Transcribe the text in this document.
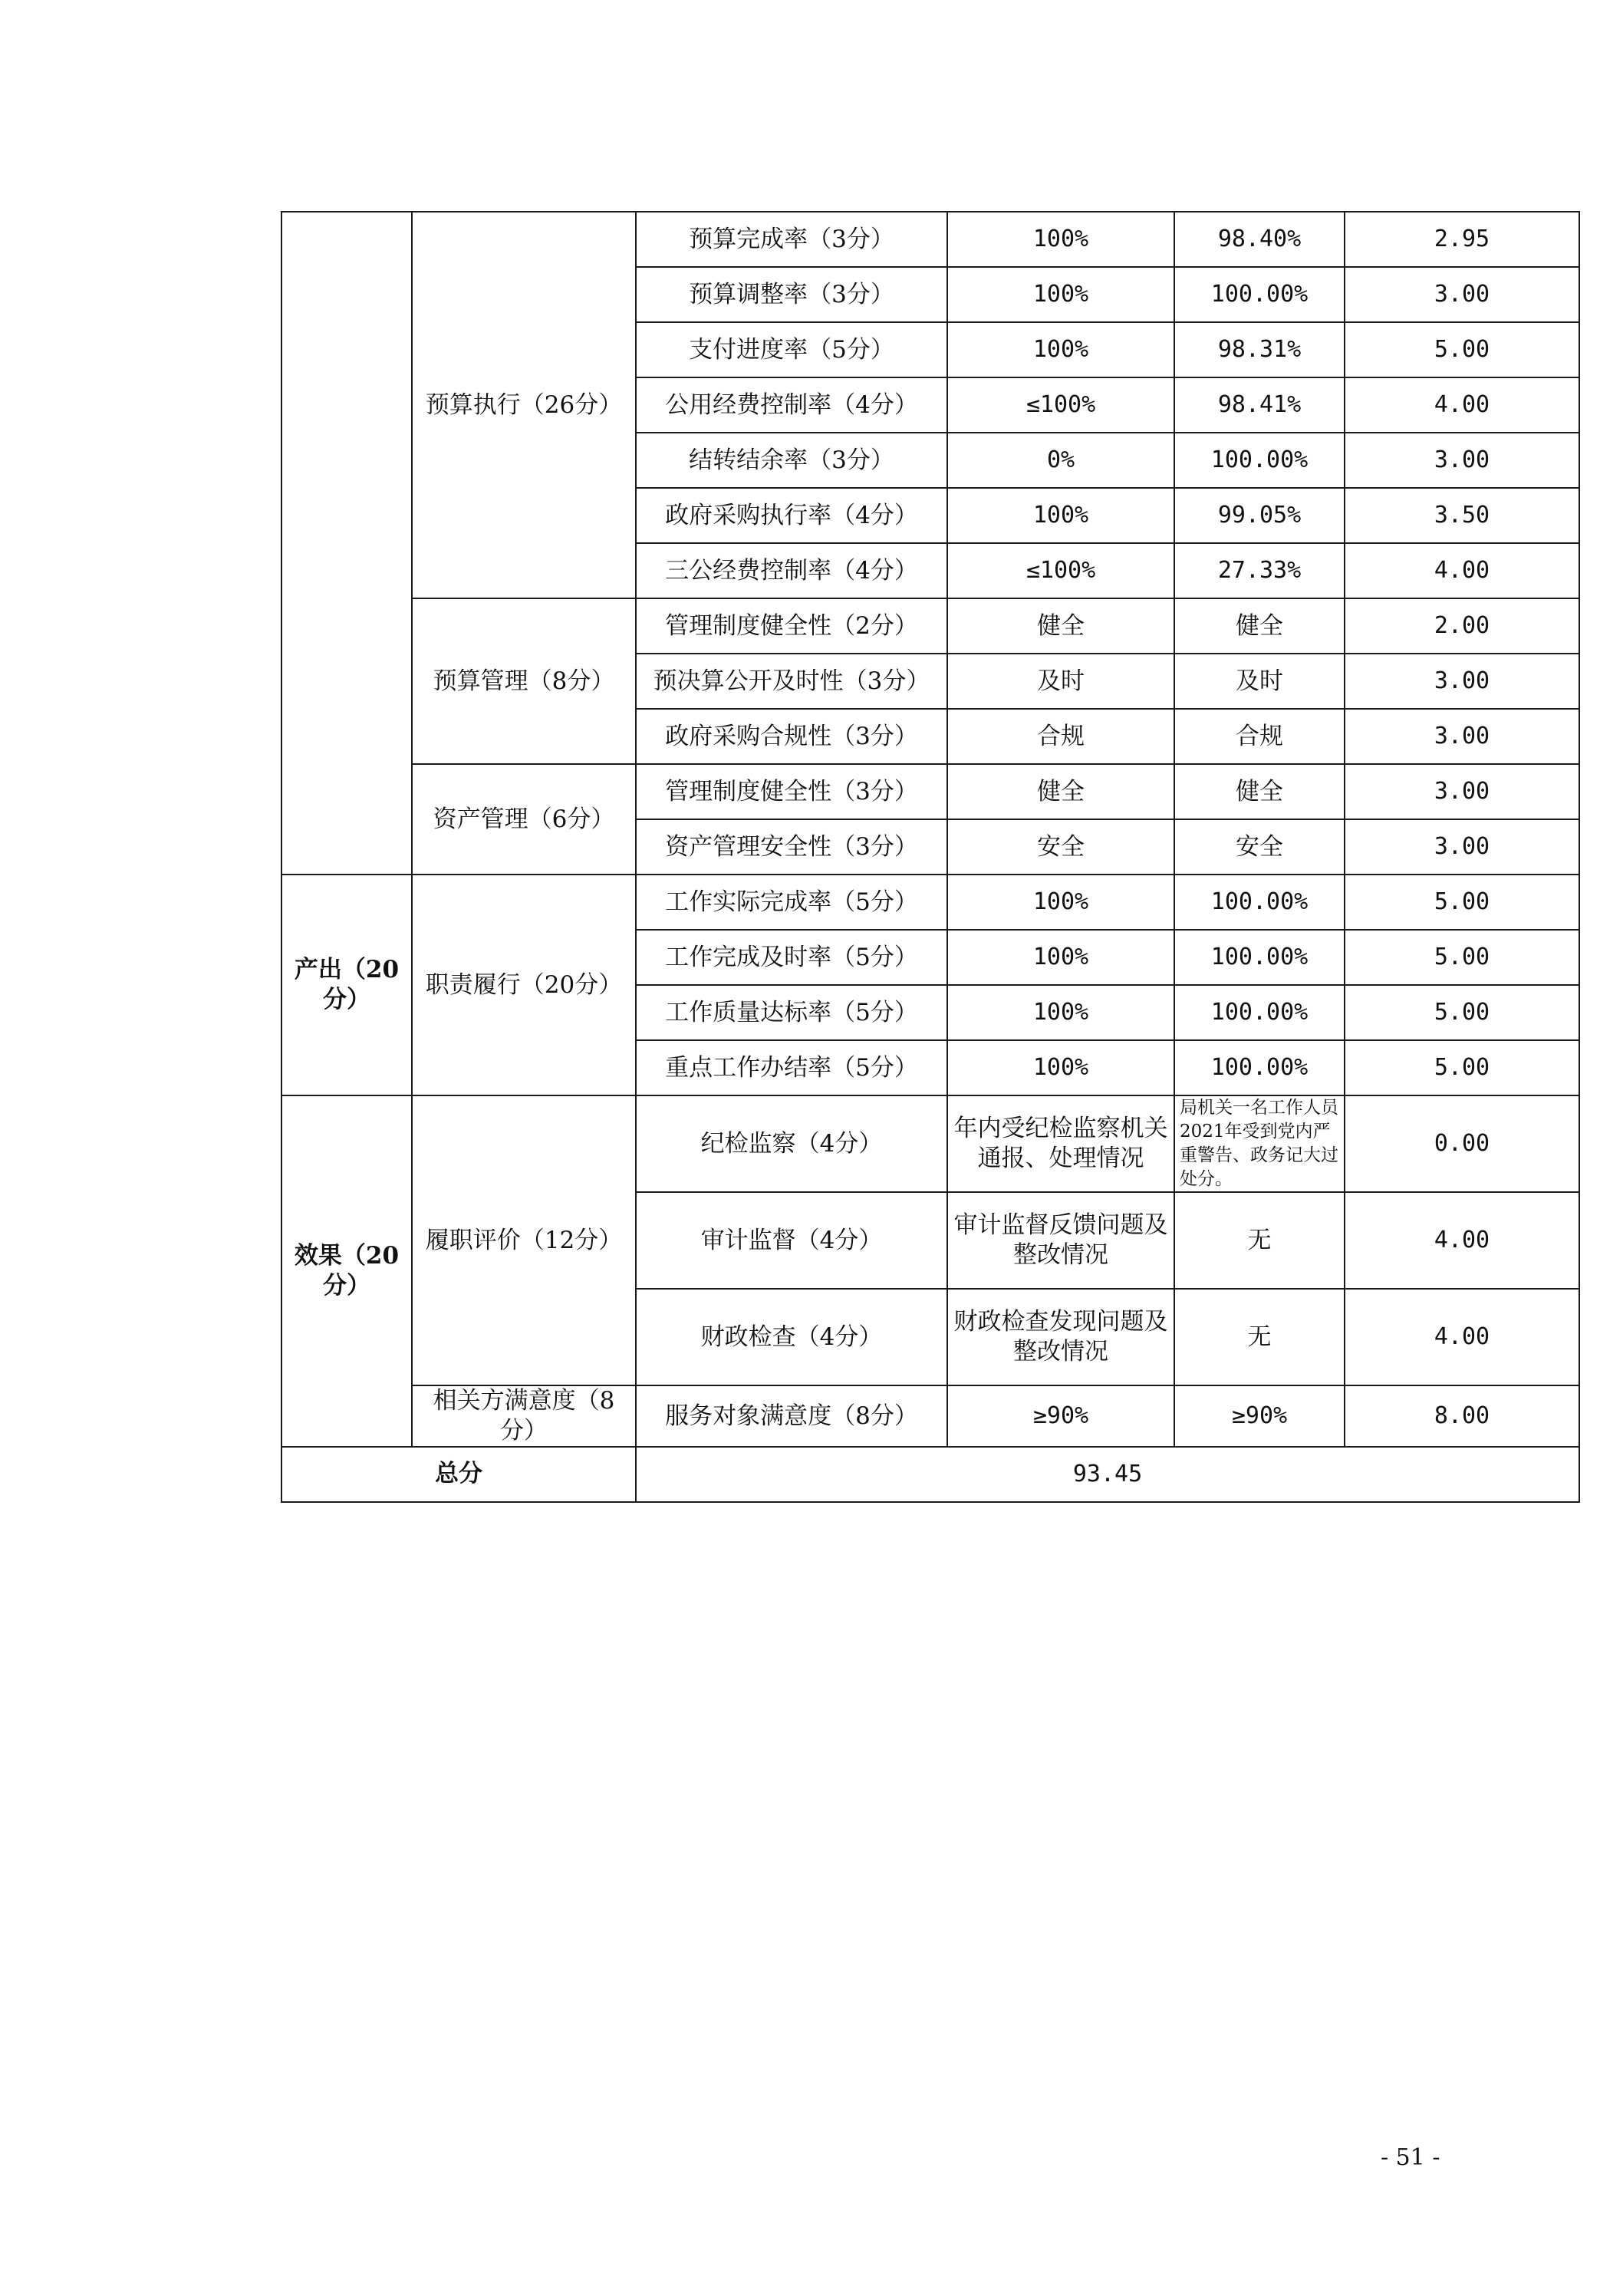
	预算执行（26分）	预算完成率（3分）	100%	98.40%	2.95
		预算调整率（3分）	100%	100.00%	3.00
		支付进度率（5分）	100%	98.31%	5.00
		公用经费控制率（4分）	≤100%	98.41%	4.00
		结转结余率（3分）	0%	100.00%	3.00
		政府采购执行率（4分）	100%	99.05%	3.50
		三公经费控制率（4分）	≤100%	27.33%	4.00
	预算管理（8分）	管理制度健全性（2分）	健全	健全	2.00
		预决算公开及时性（3分）	及时	及时	3.00
		政府采购合规性（3分）	合规	合规	3.00
	资产管理（6分）	管理制度健全性（3分）	健全	健全	3.00
		资产管理安全性（3分）	安全	安全	3.00
产出（20分）	职责履行（20分）	工作实际完成率（5分）	100%	100.00%	5.00
		工作完成及时率（5分）	100%	100.00%	5.00
		工作质量达标率（5分）	100%	100.00%	5.00
		重点工作办结率（5分）	100%	100.00%	5.00
效果（20分）	履职评价（12分）	纪检监察（4分）	年内受纪检监察机关通报、处理情况	局机关一名工作人员2021年受到党内严重警告、政务记大过处分。	0.00
		审计监督（4分）	审计监督反馈问题及整改情况	无	4.00
		财政检查（4分）	财政检查发现问题及整改情况	无	4.00
	相关方满意度（8分）	服务对象满意度（8分）	≥90%	≥90%	8.00
总分		93.45			
- 51 -
